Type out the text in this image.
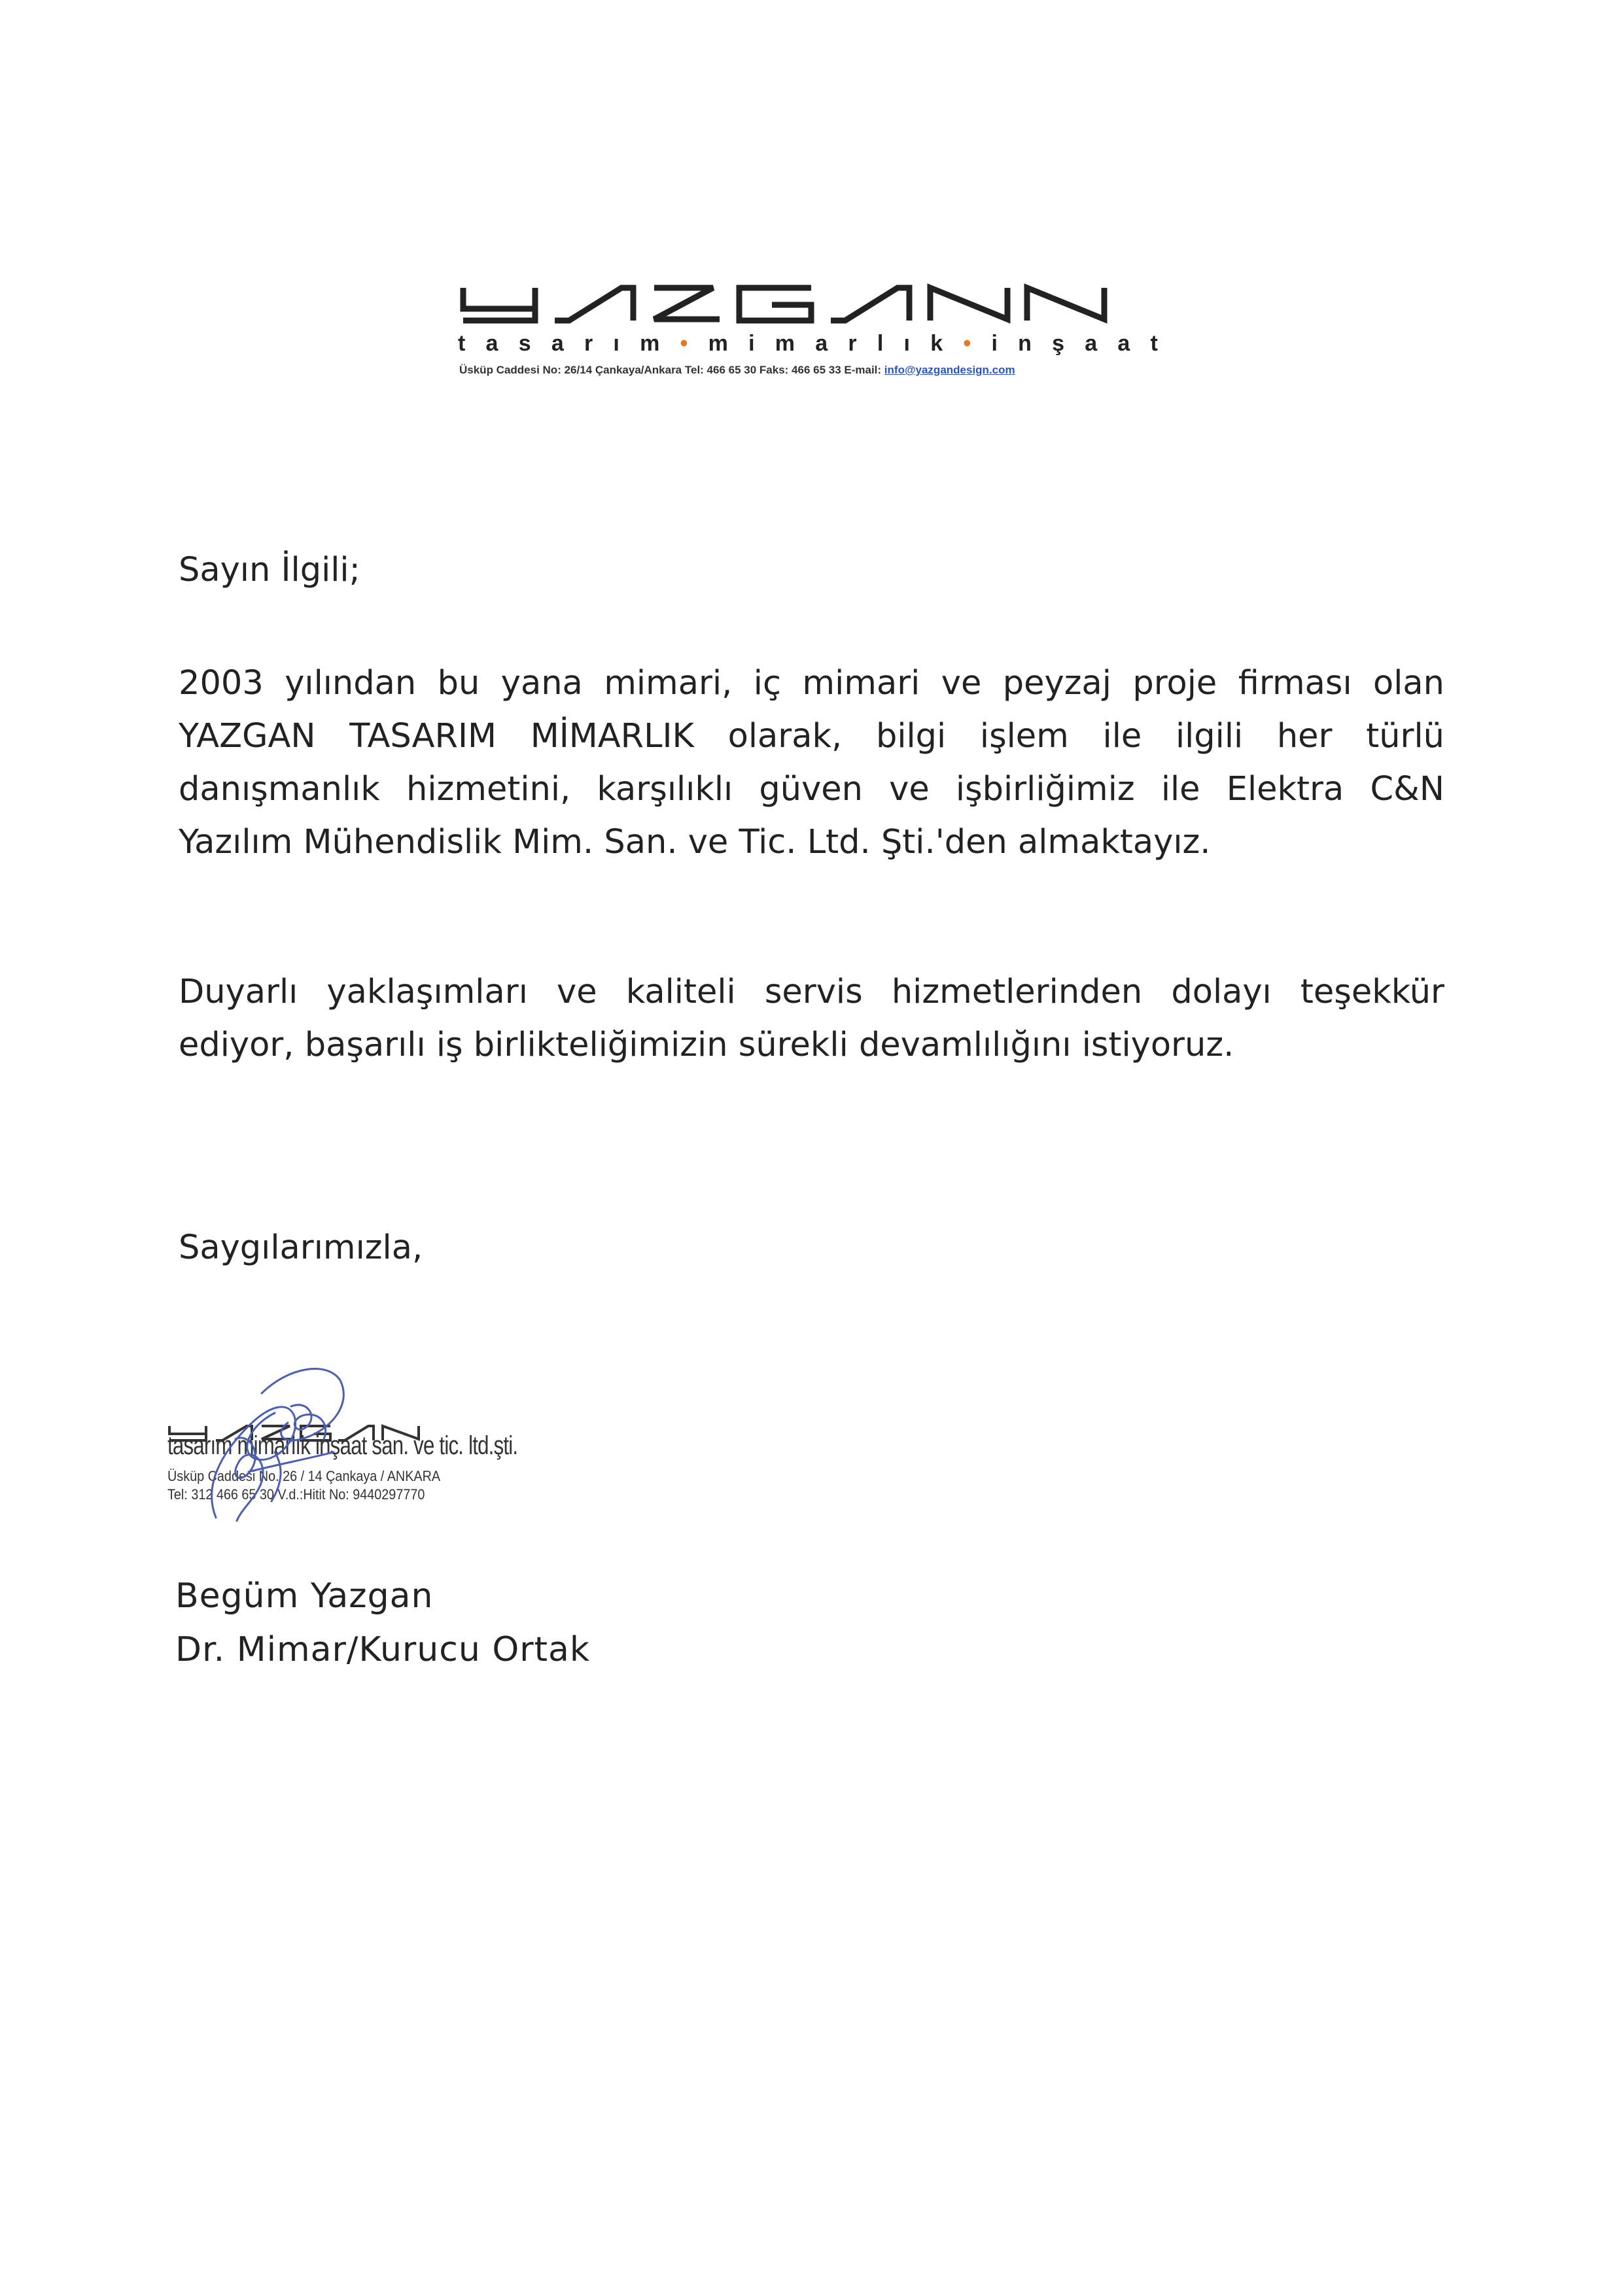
t a s a r ı m • m i m a r l ı k • i n ş a a t
Üsküp Caddesi No: 26/14 Çankaya/Ankara Tel: 466 65 30 Faks: 466 65 33 E-mail: info@yazgandesign.com
Sayın İlgili;
2003 yılından bu yana mimari, iç mimari ve peyzaj proje firması olan
YAZGAN TASARIM MİMARLIK olarak, bilgi işlem ile ilgili her türlü
danışmanlık hizmetini, karşılıklı güven ve işbirliğimiz ile Elektra C&N
Yazılım Mühendislik Mim. San. ve Tic. Ltd. Şti.'den almaktayız.
Duyarlı yaklaşımları ve kaliteli servis hizmetlerinden dolayı teşekkür
ediyor, başarılı iş birlikteliğimizin sürekli devamlılığını istiyoruz.
Saygılarımızla,
tasarım mimarlık inşaat san. ve tic. ltd.şti.
Üsküp Caddesi No. 26 / 14 Çankaya / ANKARA
Tel: 312 466 65 30 V.d.:Hitit No: 9440297770
Begüm Yazgan
Dr. Mimar/Kurucu Ortak
